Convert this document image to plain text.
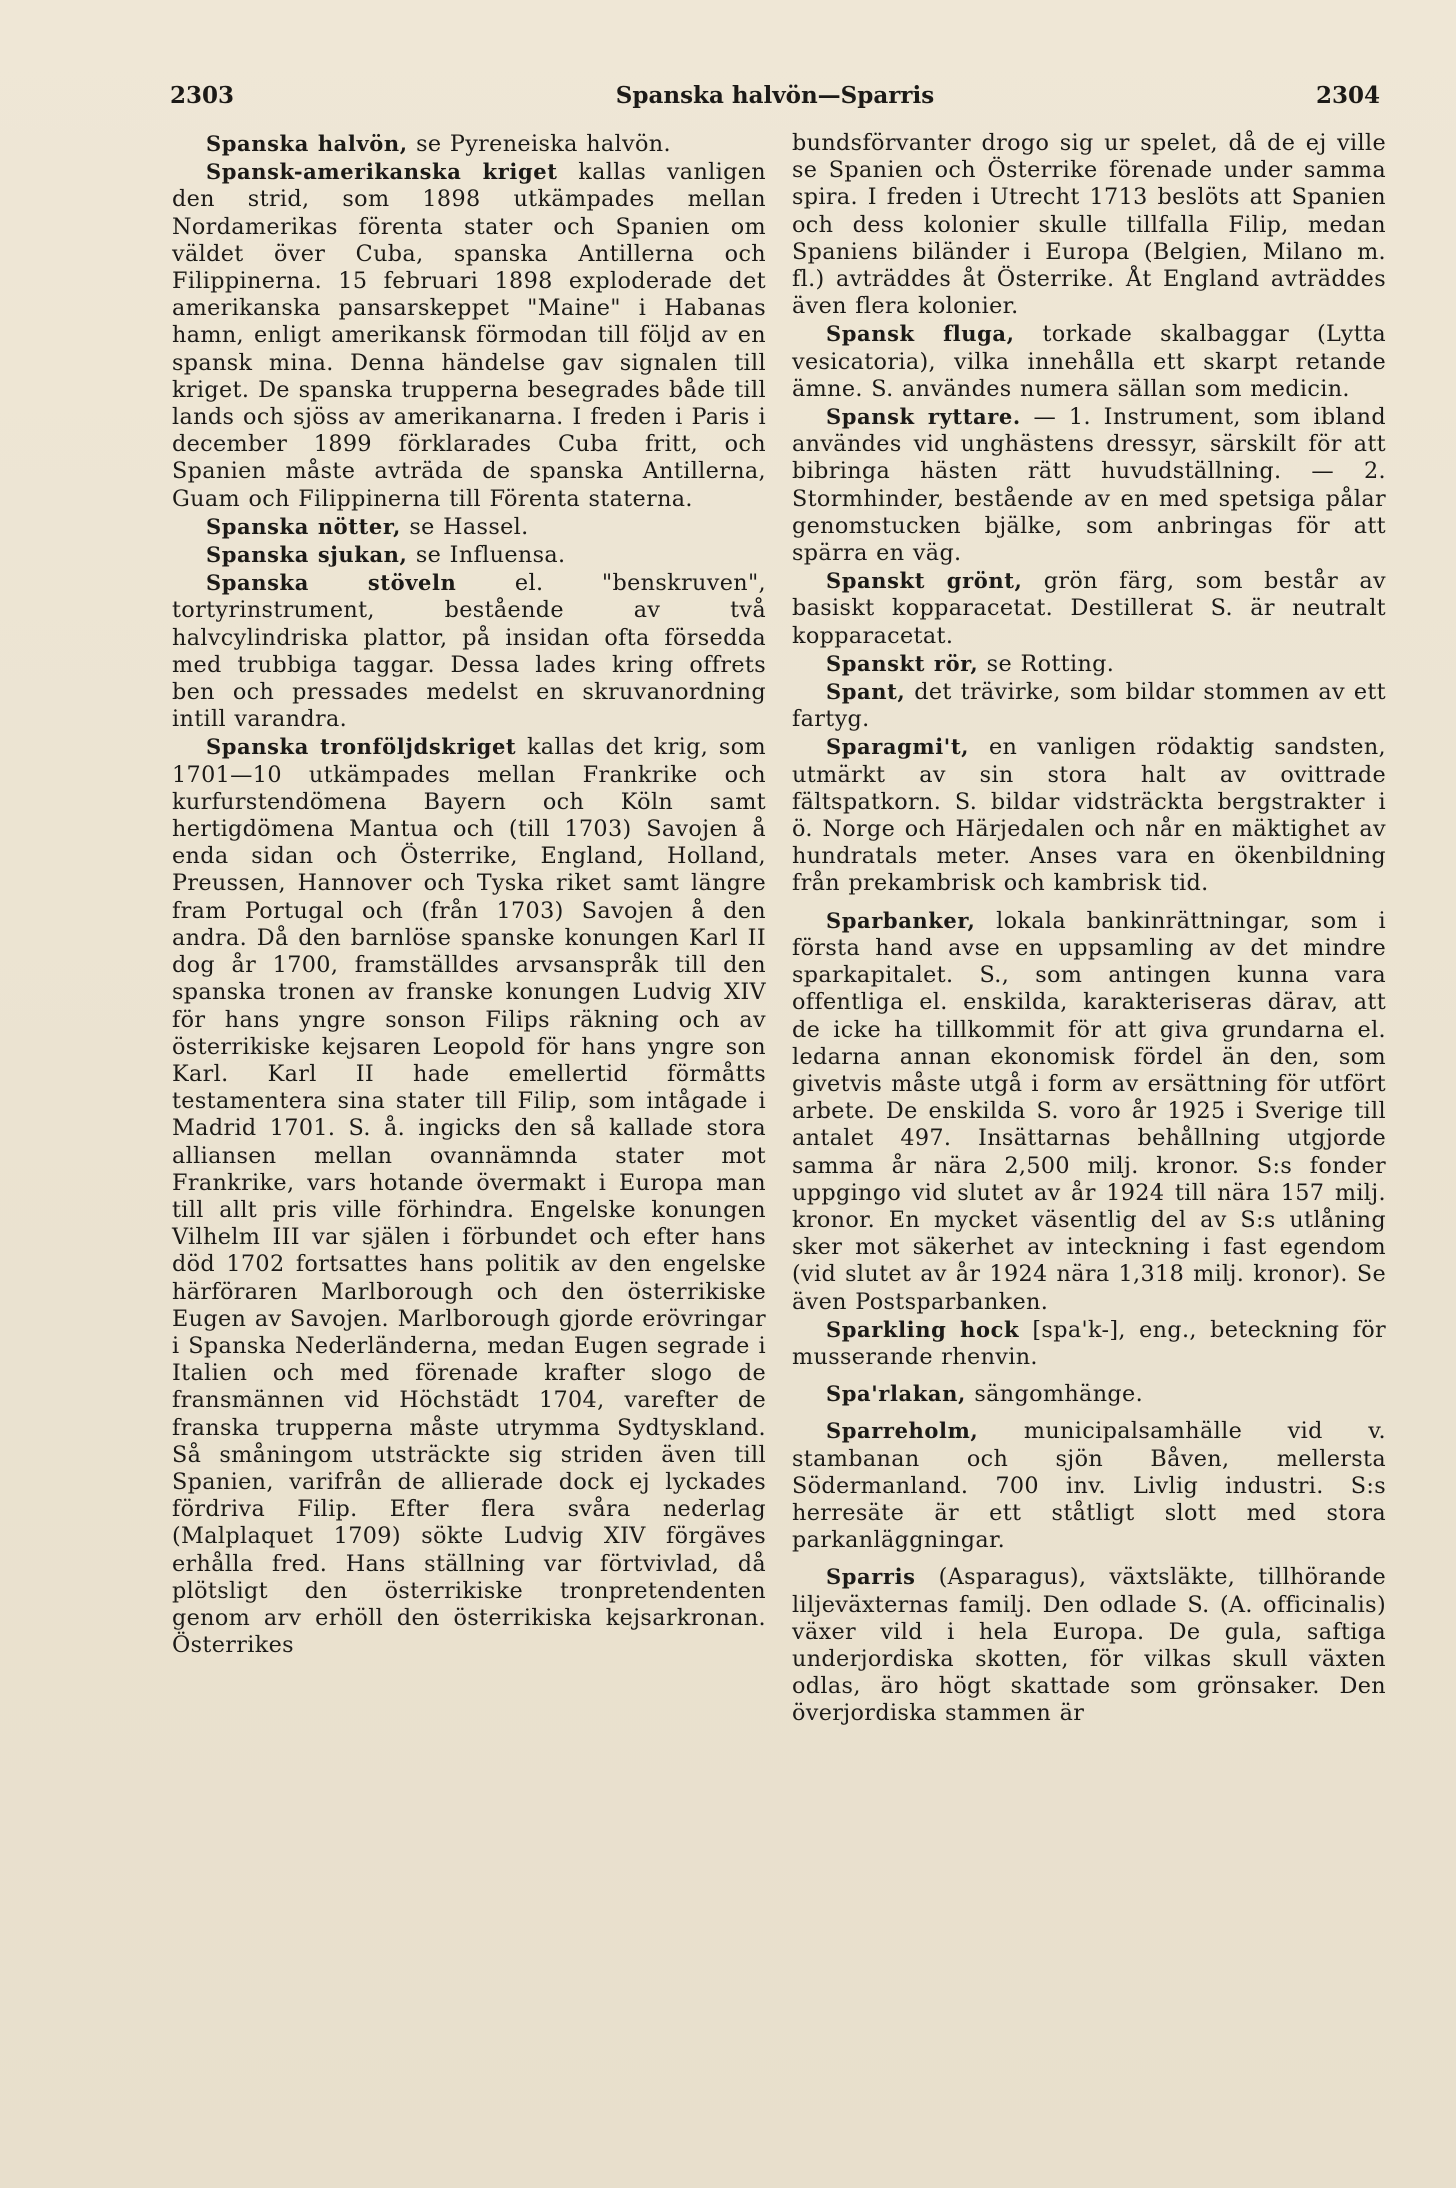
2303	Spanska halvön—Sparris	2304

Spanska halvön, se Pyreneiska halvön.

Spansk-amerikanska kriget kallas vanligen den strid, som 1898 utkämpades mellan Nordamerikas förenta stater och Spanien om väldet över Cuba, spanska Antillerna och Filippinerna. 15 februari 1898 exploderade det amerikanska pansarskeppet "Maine" i Habanas hamn, enligt amerikansk förmodan till följd av en spansk mina. Denna händelse gav signalen till kriget. De spanska trupperna besegrades både till lands och sjöss av amerikanarna. I freden i Paris i december 1899 förklarades Cuba fritt, och Spanien måste avträda de spanska Antillerna, Guam och Filippinerna till Förenta staterna.

Spanska nötter, se Hassel.

Spanska sjukan, se Influensa.

Spanska stöveln el. "benskruven", tortyrinstrument, bestående av två halvcylindriska plattor, på insidan ofta försedda med trubbiga taggar. Dessa lades kring offrets ben och pressades medelst en skruvanordning intill varandra.

Spanska tronföljdskriget kallas det krig, som 1701—10 utkämpades mellan Frankrike och kurfurstendömena Bayern och Köln samt hertigdömena Mantua och (till 1703) Savojen å enda sidan och Österrike, England, Holland, Preussen, Hannover och Tyska riket samt längre fram Portugal och (från 1703) Savojen å den andra. Då den barnlöse spanske konungen Karl II dog år 1700, framställdes arvsanspråk till den spanska tronen av franske konungen Ludvig XIV för hans yngre sonson Filips räkning och av österrikiske kejsaren Leopold för hans yngre son Karl. Karl II hade emellertid förmåtts testamentera sina stater till Filip, som intågade i Madrid 1701. S. å. ingicks den så kallade stora alliansen mellan ovannämnda stater mot Frankrike, vars hotande övermakt i Europa man till allt pris ville förhindra. Engelske konungen Vilhelm III var själen i förbundet och efter hans död 1702 fortsattes hans politik av den engelske härföraren Marlborough och den österrikiske Eugen av Savojen. Marlborough gjorde erövringar i Spanska Nederländerna, medan Eugen segrade i Italien och med förenade krafter slogo de fransmännen vid Höchstädt 1704, varefter de franska trupperna måste utrymma Sydtyskland. Så småningom utsträckte sig striden även till Spanien, varifrån de allierade dock ej lyckades fördriva Filip. Efter flera svåra nederlag (Malplaquet 1709) sökte Ludvig XIV förgäves erhålla fred. Hans ställning var förtvivlad, då plötsligt den österrikiske tronpretendenten genom arv erhöll den österrikiska kejsarkronan. Österrikes

bundsförvanter drogo sig ur spelet, då de ej ville se Spanien och Österrike förenade under samma spira. I freden i Utrecht 1713 beslöts att Spanien och dess kolonier skulle tillfalla Filip, medan Spaniens biländer i Europa (Belgien, Milano m. fl.) avträddes åt Österrike. Åt England avträddes även flera kolonier.

Spansk fluga, torkade skalbaggar (Lytta vesicatoria), vilka innehålla ett skarpt retande ämne. S. användes numera sällan som medicin.

Spansk ryttare. — 1. Instrument, som ibland användes vid unghästens dressyr, särskilt för att bibringa hästen rätt huvudställning. — 2. Stormhinder, bestående av en med spetsiga pålar genomstucken bjälke, som anbringas för att spärra en väg.

Spanskt grönt, grön färg, som består av basiskt kopparacetat. Destillerat S. är neutralt kopparacetat.

Spanskt rör, se Rotting.

Spant, det trävirke, som bildar stommen av ett fartyg.

Sparagmi't, en vanligen rödaktig sandsten, utmärkt av sin stora halt av ovittrade fältspatkorn. S. bildar vidsträckta bergstrakter i ö. Norge och Härjedalen och når en mäktighet av hundratals meter. Anses vara en ökenbildning från prekambrisk och kambrisk tid.

Sparbanker, lokala bankinrättningar, som i första hand avse en uppsamling av det mindre sparkapitalet. S., som antingen kunna vara offentliga el. enskilda, karakteriseras därav, att de icke ha tillkommit för att giva grundarna el. ledarna annan ekonomisk fördel än den, som givetvis måste utgå i form av ersättning för utfört arbete. De enskilda S. voro år 1925 i Sverige till antalet 497. Insättarnas behållning utgjorde samma år nära 2,500 milj. kronor. S:s fonder uppgingo vid slutet av år 1924 till nära 157 milj. kronor. En mycket väsentlig del av S:s utlåning sker mot säkerhet av inteckning i fast egendom (vid slutet av år 1924 nära 1,318 milj. kronor). Se även Postsparbanken.

Sparkling hock [spa'k-], eng., beteckning för musserande rhenvin.

Spa'rlakan, sängomhänge.

Sparreholm, municipalsamhälle vid v. stambanan och sjön Båven, mellersta Södermanland. 700 inv. Livlig industri. S:s herresäte är ett ståtligt slott med stora parkanläggningar.

Sparris (Asparagus), växtsläkte, tillhörande liljeväxternas familj. Den odlade S. (A. officinalis) växer vild i hela Europa. De gula, saftiga underjordiska skotten, för vilkas skull växten odlas, äro högt skattade som grönsaker. Den överjordiska stammen är
